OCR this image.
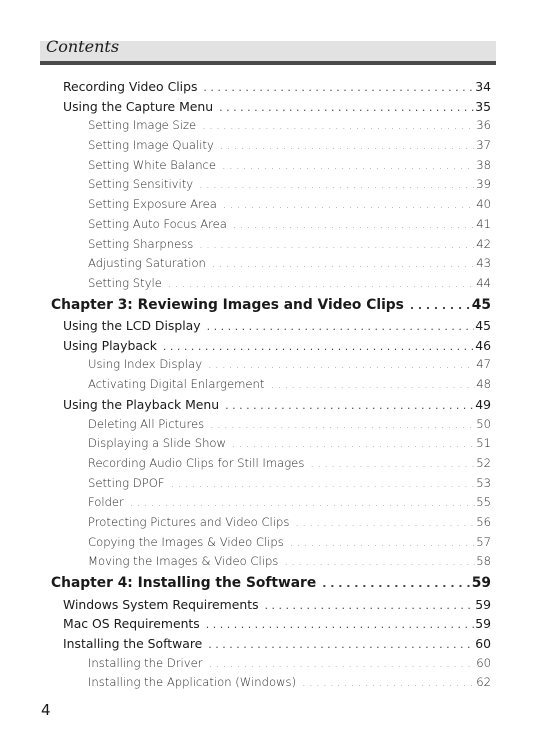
Contents
Recording Video Clips . . .	34
Using the Capture Menu . . .	35
Setting Image Size . . .	36
Setting Image Quality . . .	37
Setting White Balance . . .	38
Setting Sensitivity . . .	39
Setting Exposure Area . . .	40
Setting Auto Focus Area . . .	41
Setting Sharpness . . .	42
Adjusting Saturation . . .	43
Setting Style . . .	44
Chapter 3: Reviewing Images and Video Clips . . .	45
Using the LCD Display . . .	45
Using Playback . . .	46
Using Index Display . . .	47
Activating Digital Enlargement . . .	48
Using the Playback Menu . . .	49
Deleting All Pictures . . .	50
Displaying a Slide Show . . .	51
Recording Audio Clips for Still Images . . .	52
Setting DPOF . . .	53
Folder . . .	55
Protecting Pictures and Video Clips . . .	56
Copying the Images & Video Clips . . .	57
Moving the Images & Video Clips . . .	58
Chapter 4: Installing the Software . . .	59
Windows System Requirements . . .	59
Mac OS Requirements . . .	59
Installing the Software . . .	60
Installing the Driver . . .	60
Installing the Application (Windows) . . .	62
4
